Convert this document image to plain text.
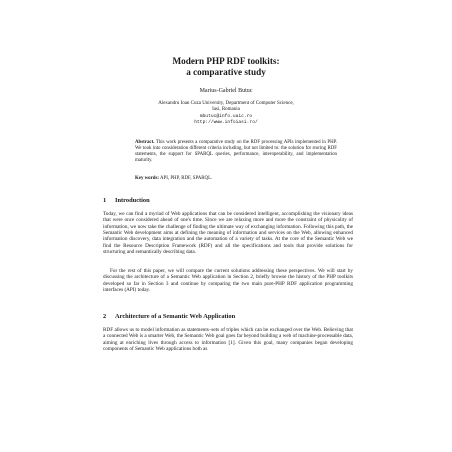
Modern PHP RDF toolkits:
a comparative study
Marius-Gabriel Butuc
Alexandru Ioan Cuza University, Department of Computer Science,
Iasi, Romania
mbutuc@info.uaic.ro
http://www.infoiasi.ro/
Abstract. This work presents a comparative study on the RDF processing APIs implemented in PHP. We took into consideration different criteria including, but not limited to: the solution for storing RDF statements, the support for SPARQL queries, performance, interoperability, and implementation maturity.
Key words: API, PHP, RDF, SPARQL.
1 Introduction
Today, we can find a myriad of Web applications that can be considered intelligent, accomplishing the visionary ideas that were once considered ahead of one's time. Since we are relaxing more and more the constraint of physicality of information, we now take the challenge of finding the ultimate way of exchanging information. Following this path, the Semantic Web development aims at defining the meaning of information and services on the Web, allowing enhanced information discovery, data integration and the automation of a variety of tasks. At the core of the Semantic Web we find the Resource Description Framework (RDF) and all the specifications and tools that provide solutions for structuring and semantically describing data.
For the rest of this paper, we will compare the current solutions addressing these perspectives. We will start by discussing the architecture of a Semantic Web application in Section 2, briefly browse the history of the PHP toolkits developed so far in Section 3 and continue by comparing the two main pure-PHP RDF application programming interfaces (API) today.
2 Architecture of a Semantic Web Application
RDF allows us to model information as statements–sets of triples which can be exchanged over the Web. Believing that a connected Web is a smarter Web, the Semantic Web goal goes far beyond building a web of machine-processable data, aiming at enriching lives through access to information [1]. Given this goal, many companies began developing components of Semantic Web applications both as
